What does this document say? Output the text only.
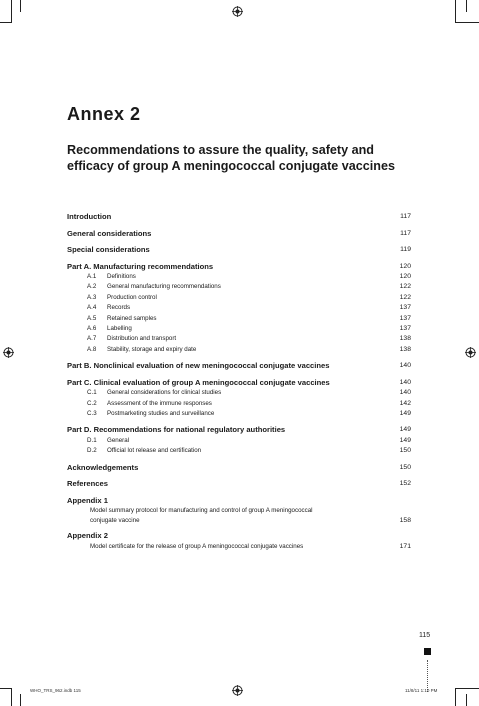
Annex 2
Recommendations to assure the quality, safety and efficacy of group A meningococcal conjugate vaccines
Introduction	117
General considerations	117
Special considerations	119
Part A. Manufacturing recommendations	120
A.1 Definitions	120
A.2 General manufacturing recommendations	122
A.3 Production control	122
A.4 Records	137
A.5 Retained samples	137
A.6 Labelling	137
A.7 Distribution and transport	138
A.8 Stability, storage and expiry date	138
Part B. Nonclinical evaluation of new meningococcal conjugate vaccines	140
Part C. Clinical evaluation of group A meningococcal conjugate vaccines	140
C.1 General considerations for clinical studies	140
C.2 Assessment of the immune responses	142
C.3 Postmarketing studies and surveillance	149
Part D. Recommendations for national regulatory authorities	149
D.1 General	149
D.2 Official lot release and certification	150
Acknowledgements	150
References	152
Appendix 1
Model summary protocol for manufacturing and control of group A meningococcal conjugate vaccine	158
Appendix 2
Model certificate for the release of group A meningococcal conjugate vaccines	171
115
WHO_TRS_962.indb 115	11/8/11 1:10 PM
